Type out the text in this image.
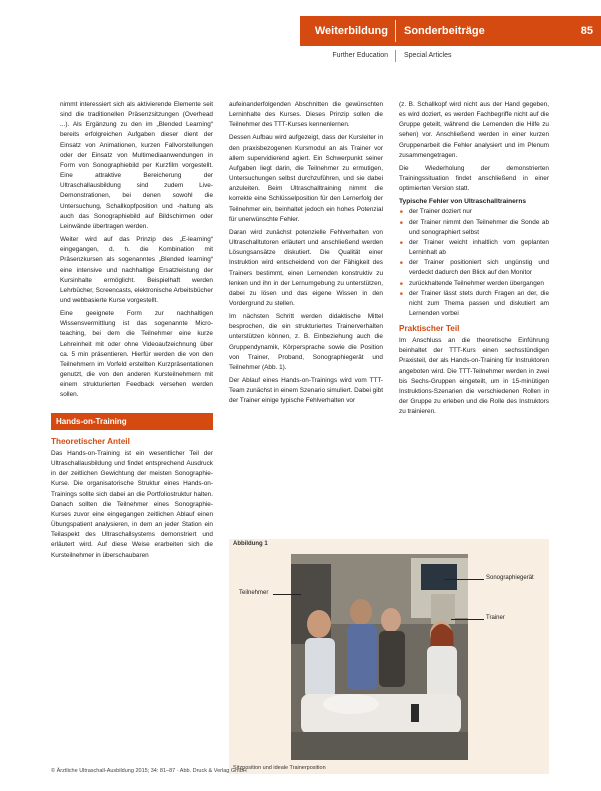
Weiterbildung	Sonderbeiträge	85
Further Education	Special Articles

nimmt interessiert sich als aktivierende Elemente seit sind die traditionellen Präsenzsitzungen (Overhead ...). Als Ergänzung zu den im „Blended Learning“ bereits erfolgreichen Aufgaben dieser dient der Einsatz von Animationen, kurzen Fallvorstellungen oder der Einsatz von Multimediaanwendungen in Form von Sonographiebild per Kurzfilm vorgestellt. Eine attraktive Bereicherung der Ultraschallausbildung sind zudem Live-Demonstrationen, bei denen sowohl die Untersuchung, Schallkopfposition und -haltung als auch das Sonographiebild auf Bildschirmen oder Leinwände übertragen werden.

Weiter wird auf das Prinzip des „E-learning“ eingegangen, d. h. die Kombination mit Präsenzkursen als sogenanntes „Blended learning“ eine intensive und nachhaltige Ersatzleistung der Kursinhalte ermöglicht. Beispielhaft werden Lehrbücher, Screencasts, elektronische Arbeitsbücher und webbasierte Kurse vorgestellt.

Eine geeignete Form zur nachhaltigen Wissensvermittlung ist das sogenannte Micro-teaching, bei dem die Teilnehmer eine kurze Lehreinheit mit oder ohne Videoaufzeichnung über ca. 5 min präsentieren. Hierfür werden die von den Teilnehmern im Vorfeld erstellten Kurzpräsentationen genutzt, die von den anderen Kursteilnehmern mit einem strukturierten Feedback versehen werden sollen.

Hands-on-Training
Theoretischer Anteil

Das Hands-on-Training ist ein wesentlicher Teil der Ultraschallausbildung und findet entsprechend Ausdruck in der zeitlichen Gewichtung der meisten Sonographie-Kurse. Die organisatorische Struktur eines Hands-on-Trainings sollte sich dabei an die Portfoliostruktur halten. Danach sollten die Teilnehmer eines Sonographie-Kurses zuvor eine eingegangen zeitlichen Ablauf einen Übungspatient analysieren, in dem an jeder Station ein Teilaspekt des Ultraschallsystems demonstriert und erläutert wird. Auf diese Weise erarbeiten sich die Kursteilnehmer in überschaubaren

aufeinanderfolgenden Abschnitten die gewünschten Lerninhalte des Kurses. Dieses Prinzip sollen die Teilnehmer des TTT-Kurses kennenlernen.

Dessen Aufbau wird aufgezeigt, dass der Kursleiter in den praxisbezogenen Kursmodul an als Trainer vor allem supervidierend agiert. Ein Schwerpunkt seiner Aufgaben liegt darin, die Teilnehmer zu ermutigen, Untersuchungen selbst durchzuführen, und sie dabei anzuleiten. Beim Ultraschalltraining nimmt die korrekte eine Schlüsselposition für den Lernerfolg der Teilnehmer ein, beinhaltet jedoch ein hohes Potenzial für unerwünschte Fehler.

Daran wird zunächst potenzielle Fehlverhalten von Ultraschalltutoren erläutert und anschließend werden Lösungsansätze diskutiert. Die Qualität einer Instruktion wird entscheidend von der Fähigkeit des Trainers bestimmt, einen Lernenden konstruktiv zu lenken und ihn in der Lernumgebung zu unterstützen, dabei zu lösen und das eigene Wissen in den Vordergrund zu stellen.

Im nächsten Schritt werden didaktische Mittel besprochen, die ein strukturiertes Trainerverhalten unterstützen können, z. B. Einbeziehung auch die Gruppendynamik, Körpersprache sowie die Position von Trainer, Proband, Sonographiegerät und Teilnehmer (Abb. 1).

Der Ablauf eines Hands-on-Trainings wird vom TTT-Team zunächst in einem Szenario simuliert. Dabei gibt der Trainer einige typische Fehlverhalten vor

(z. B. Schallkopf wird nicht aus der Hand gegeben, es wird doziert, es werden Fachbegriffe nicht auf die Gruppe geteilt, während die Lernenden die Hilfe zu sehen) vor. Anschließend werden in einer kurzen Gruppenarbeit die Fehler analysiert und im Plenum zusammengetragen.

Die Wiederholung der demonstrierten Trainingssituation findet anschließend in einer optimierten Version statt.

Typische Fehler von Ultraschalltrainerns
■ der Trainer doziert nur
■ der Trainer nimmt den Teilnehmer die Sonde ab und sonographiert selbst
■ der Trainer weicht inhaltlich vom geplanten Lerninhalt ab
■ der Trainer positioniert sich ungünstig und verdeckt dadurch den Blick auf den Monitor
■ zurückhaltende Teilnehmer werden übergangen
■ der Trainer lässt stets durch Fragen an der, die nicht zum Thema passen und diskutiert am Lernenden vorbei
Praktischer Teil

Im Anschluss an die theoretische Einführung beinhaltet der TTT-Kurs einen sechsstündigen Praxisteil, der als Hands-on-Training für Instruktoren angeboten wird. Die TTT-Teilnehmer werden in zwei bis Sechs-Gruppen eingeteilt, um in 15-minütigen Instruktions-Szenarien die verschiedenen Rollen in der Gruppe zu erleben und die Rolle des Instruktors zu trainieren.

Abbildung 1
Teilnehmer
Sonographiegerät
Trainer
Sitzposition und ideale Trainerposition
© Ärztliche Ultraschall-Ausbildung 2015; 34: 81–87 · Abb. Druck & Verlag GmbH
